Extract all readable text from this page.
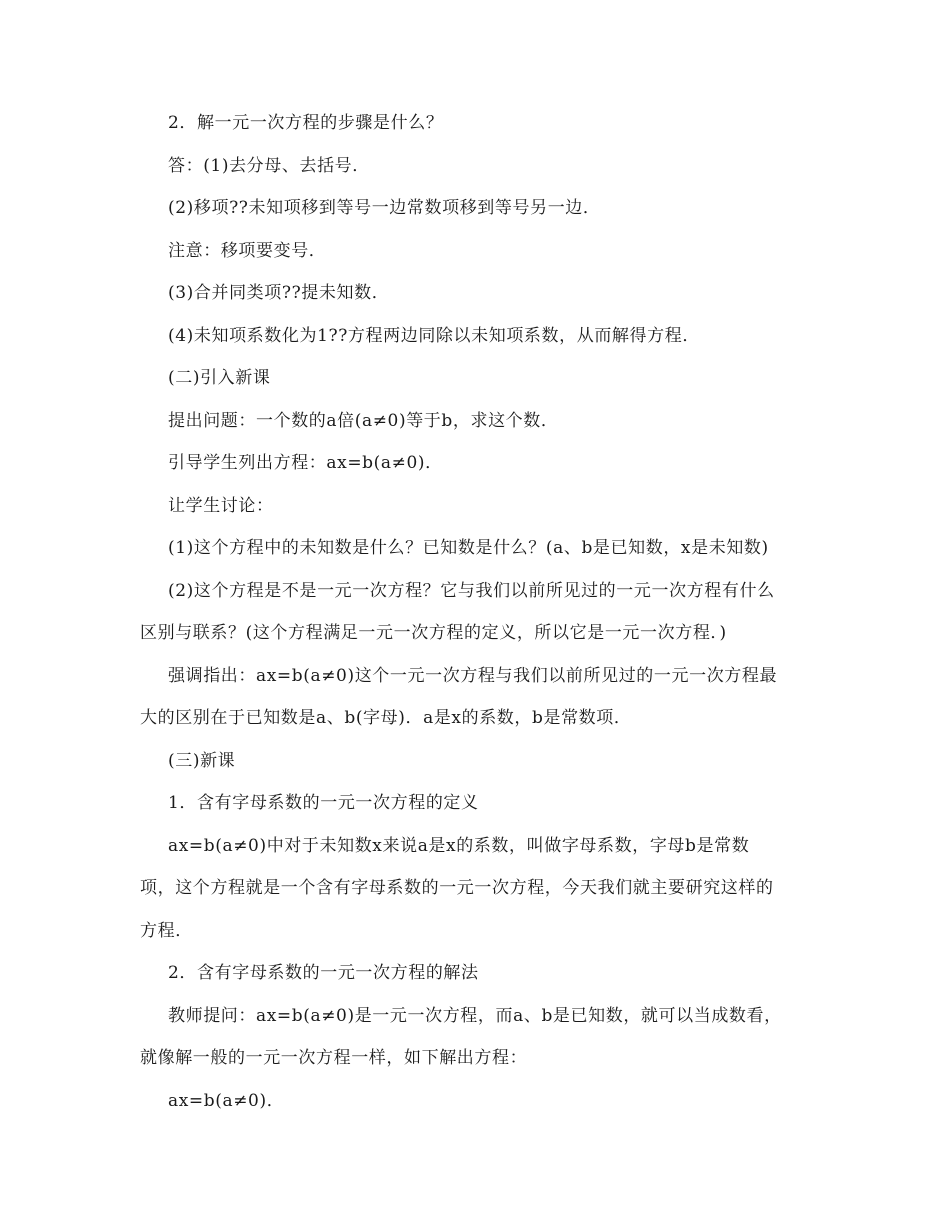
2．解一元一次方程的步骤是什么？
答：(1)去分母、去括号．
(2)移项??未知项移到等号一边常数项移到等号另一边．
注意：移项要变号．
(3)合并同类项??提未知数．
(4)未知项系数化为1??方程两边同除以未知项系数，从而解得方程．
(二)引入新课
提出问题：一个数的a倍(a≠0)等于b，求这个数．
引导学生列出方程：ax=b(a≠0)．
让学生讨论：
(1)这个方程中的未知数是什么？已知数是什么？(a、b是已知数，x是未知数)
(2)这个方程是不是一元一次方程？它与我们以前所见过的一元一次方程有什么
区别与联系？(这个方程满足一元一次方程的定义，所以它是一元一次方程．)
强调指出：ax=b(a≠0)这个一元一次方程与我们以前所见过的一元一次方程最
大的区别在于已知数是a、b(字母)．a是x的系数，b是常数项．
(三)新课
1．含有字母系数的一元一次方程的定义
ax=b(a≠0)中对于未知数x来说a是x的系数，叫做字母系数，字母b是常数
项，这个方程就是一个含有字母系数的一元一次方程，今天我们就主要研究这样的
方程．
2．含有字母系数的一元一次方程的解法
教师提问：ax=b(a≠0)是一元一次方程，而a、b是已知数，就可以当成数看，
就像解一般的一元一次方程一样，如下解出方程：
ax=b(a≠0)．
